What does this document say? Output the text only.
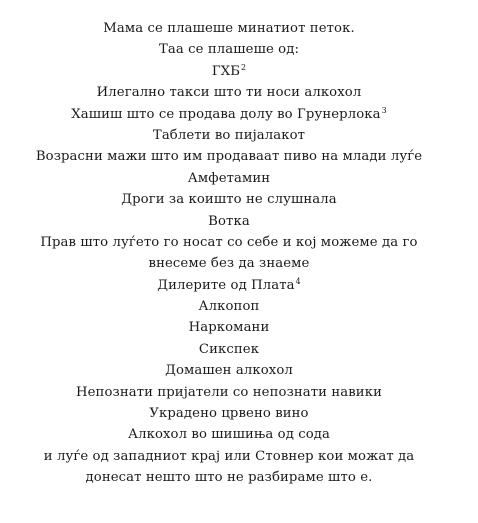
Мама се плашеше минатиот петок.
Таа се плашеше од:
ГХБ$^2$
Илегално такси што ти носи алкохол
Хашиш што се продава долу во Грунерлока$^3$
Таблети во пијалакот
Возрасни мажи што им продаваат пиво на млади луѓе
Амфетамин
Дроги за коишто не слушнала
Вотка
Прав што луѓето го носат со себе и кој можеме да го
внесеме без да знаеме
Дилерите од Плата$^4$
Алкопоп
Наркомани
Сикспек
Домашен алкохол
Непознати пријатели со непознати навики
Украдено црвено вино
Алкохол во шишиња од сода
и луѓе од западниот крај или Стовнер кои можат да
донесат нешто што не разбираме што е.
